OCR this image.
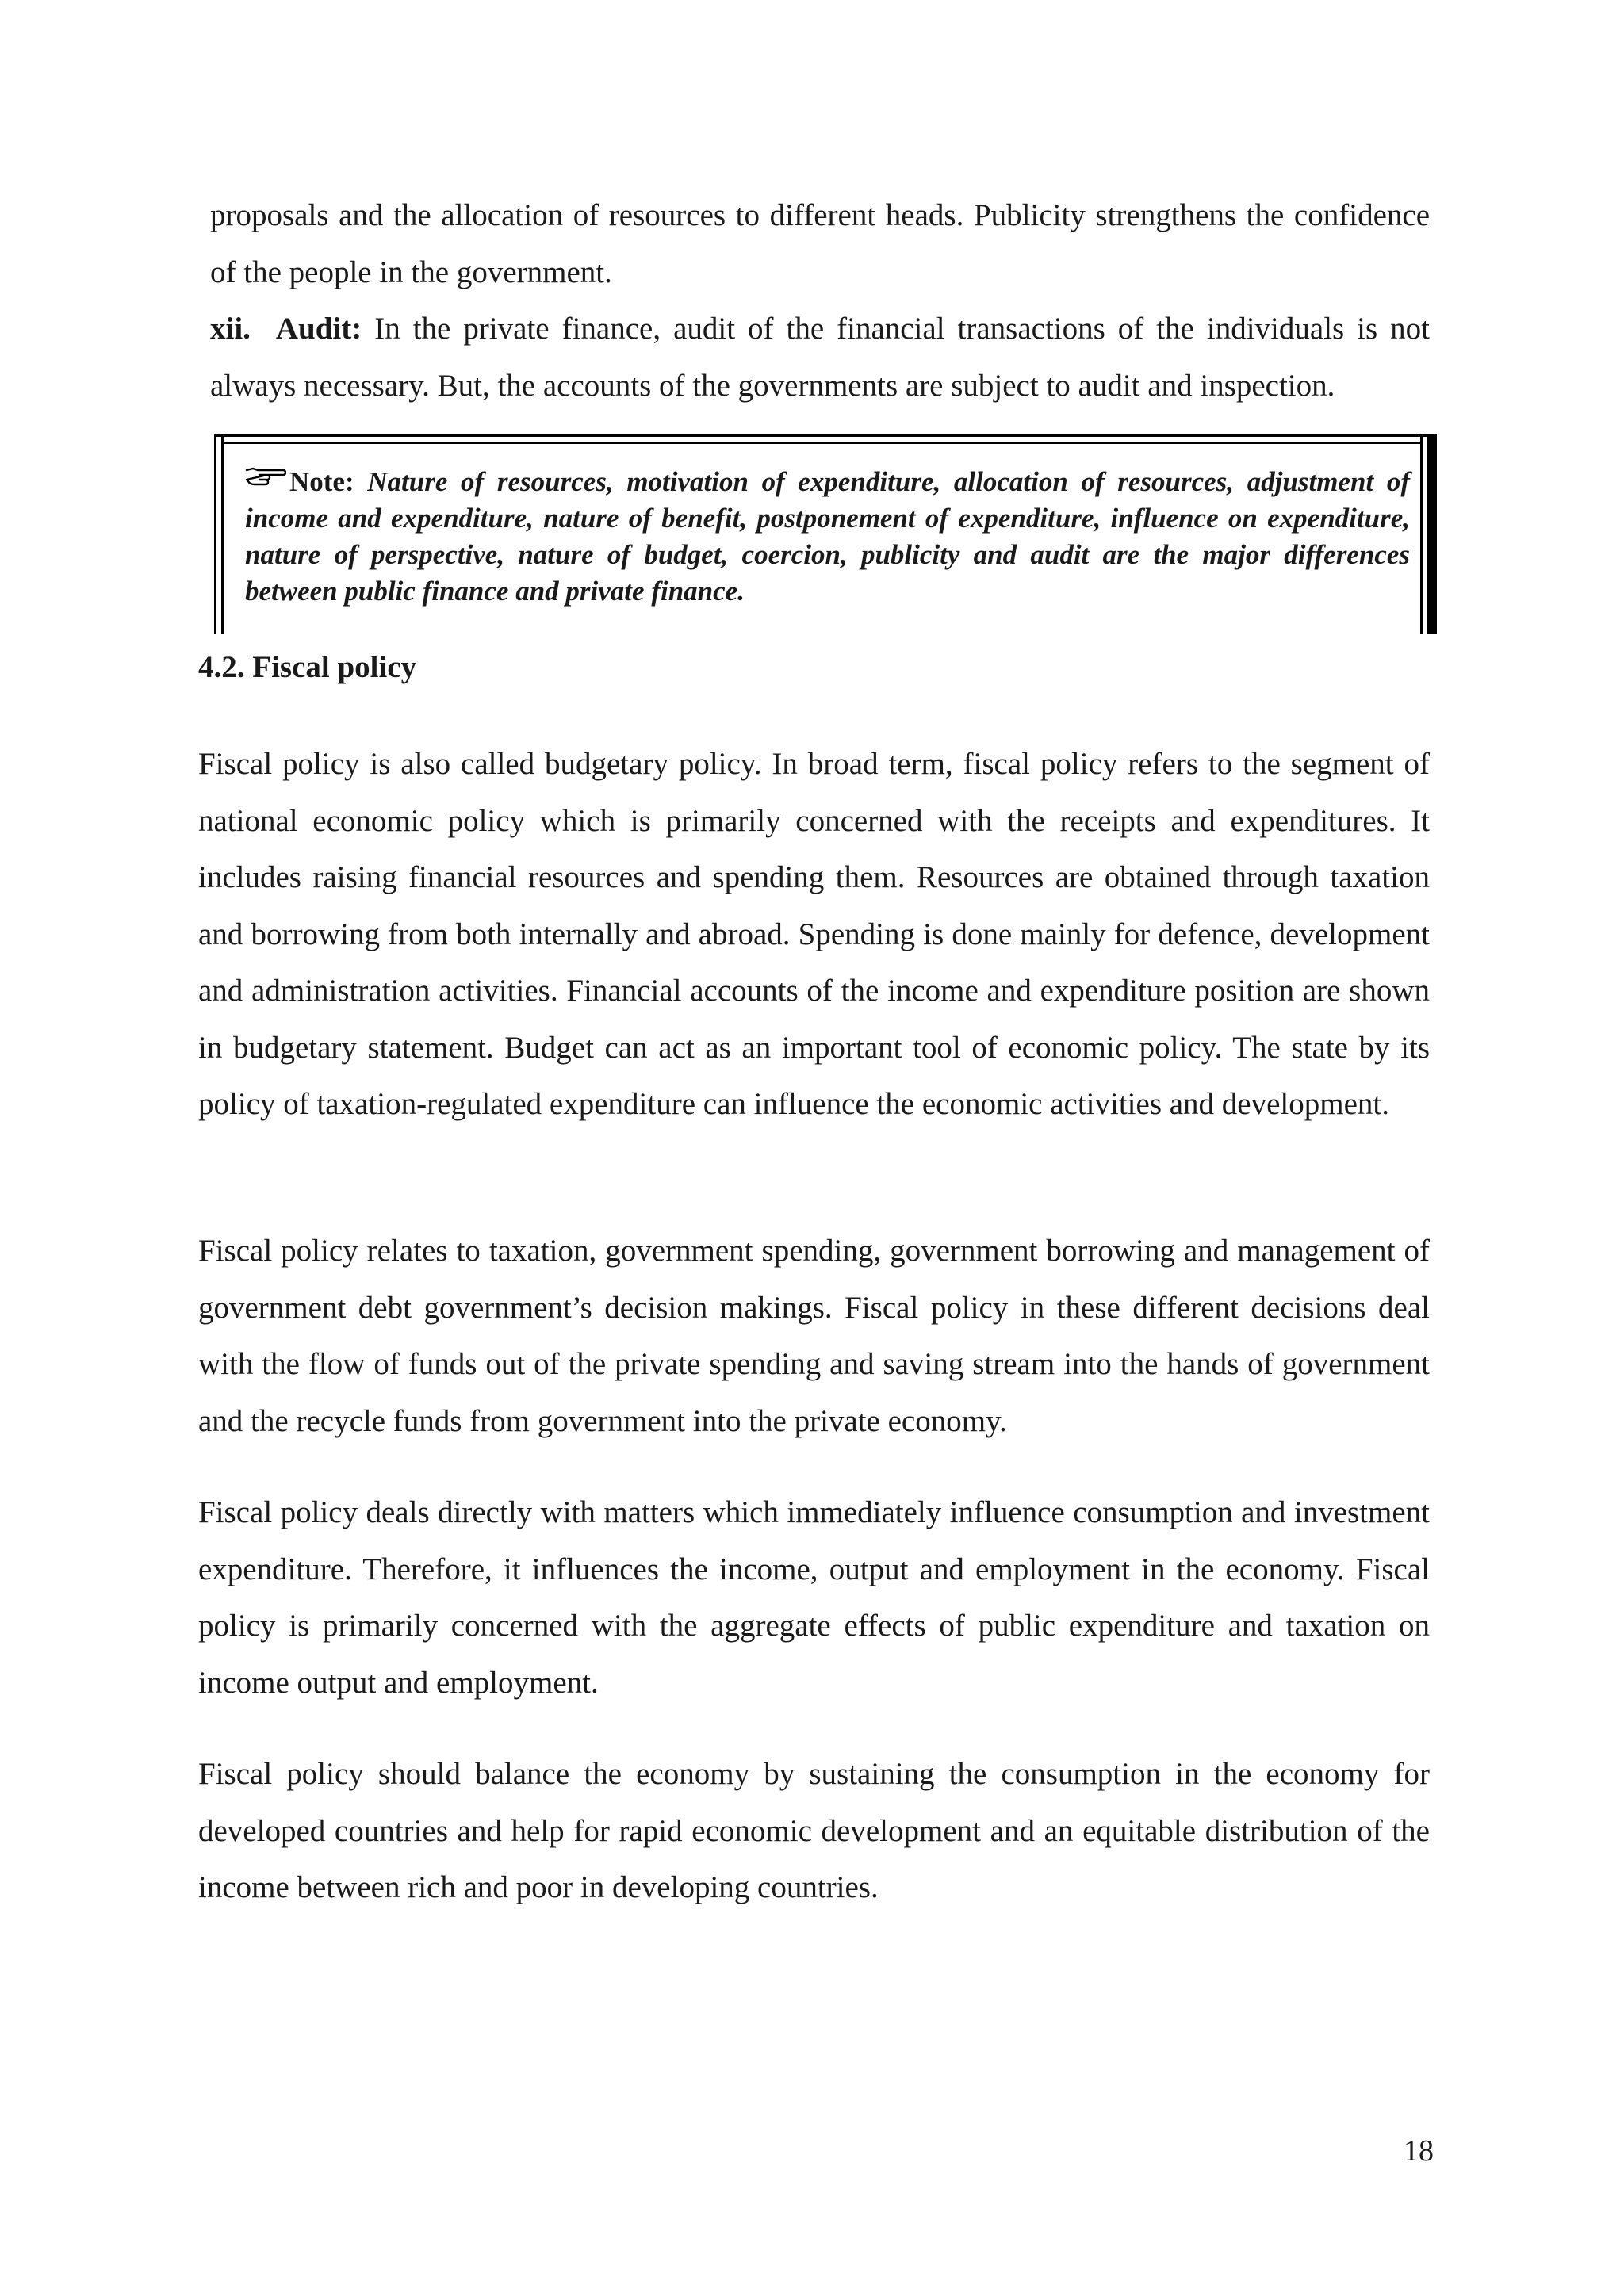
proposals and the allocation of resources to different heads. Publicity strengthens the confidence of the people in the government.

xii. Audit: In the private finance, audit of the financial transactions of the individuals is not always necessary. But, the accounts of the governments are subject to audit and inspection.

Note: Nature of resources, motivation of expenditure, allocation of resources, adjustment of income and expenditure, nature of benefit, postponement of expenditure, influence on expenditure, nature of perspective, nature of budget, coercion, publicity and audit are the major differences between public finance and private finance.

4.2. Fiscal policy

Fiscal policy is also called budgetary policy. In broad term, fiscal policy refers to the segment of national economic policy which is primarily concerned with the receipts and expenditures. It includes raising financial resources and spending them. Resources are obtained through taxation and borrowing from both internally and abroad. Spending is done mainly for defence, development and administration activities. Financial accounts of the income and expenditure position are shown in budgetary statement. Budget can act as an important tool of economic policy. The state by its policy of taxation-regulated expenditure can influence the economic activities and development.

Fiscal policy relates to taxation, government spending, government borrowing and management of government debt government’s decision makings. Fiscal policy in these different decisions deal with the flow of funds out of the private spending and saving stream into the hands of government and the recycle funds from government into the private economy.

Fiscal policy deals directly with matters which immediately influence consumption and investment expenditure. Therefore, it influences the income, output and employment in the economy. Fiscal policy is primarily concerned with the aggregate effects of public expenditure and taxation on income output and employment.

Fiscal policy should balance the economy by sustaining the consumption in the economy for developed countries and help for rapid economic development and an equitable distribution of the income between rich and poor in developing countries.

18
